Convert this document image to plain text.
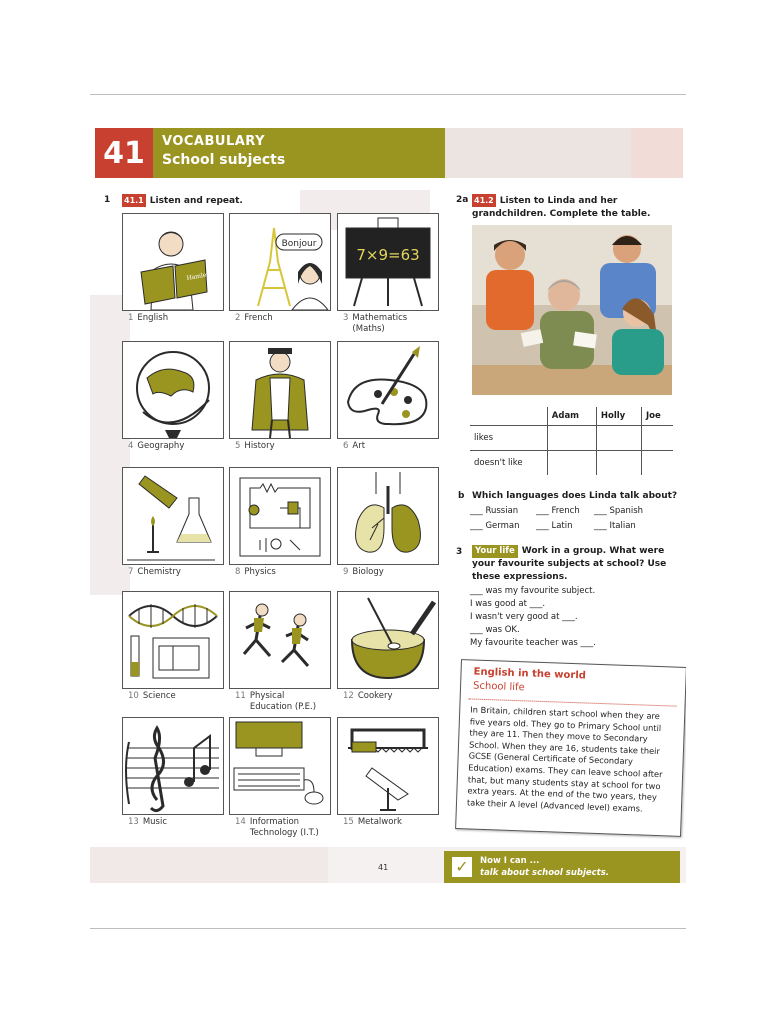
41	VOCABULARY
School subjects
1 41.1 Listen and repeat.
Hamlet
1 English
Bonjour
2 French
7×9=63
3 Mathematics
(Maths)
4 Geography	5 History	6 Art
7 Chemistry	8 Physics	9 Biology
10 Science	11 Physical
Education (P.E.)
12 Cookery
13 Music	14 Information
Technology (I.T.)
15 Metalwork
2a 41.2 Listen to Linda and her grandchildren. Complete the table.
	Adam	Holly	Joe
likes			
doesn't like			
b Which languages does Linda talk about?
___ Russian ___ French ___ Spanish
___ German ___ Latin	___ Italian
3	Your life Work in a group. What were your favourite subjects at school? Use these expressions.
___ was my favourite subject.
I was good at ___.
I wasn't very good at ___.
___ was OK.
My favourite teacher was ___.
English in the world
School life
In Britain, children start school when they are five years old. They go to Primary School until they are 11. Then they move to Secondary School. When they are 16, students take their GCSE (General Certificate of Secondary Education) exams. They can leave school after that, but many students stay at school for two extra years. At the end of the two years, they take their A level (Advanced level) exams.
41	✓	Now I can ...
talk about school subjects.
